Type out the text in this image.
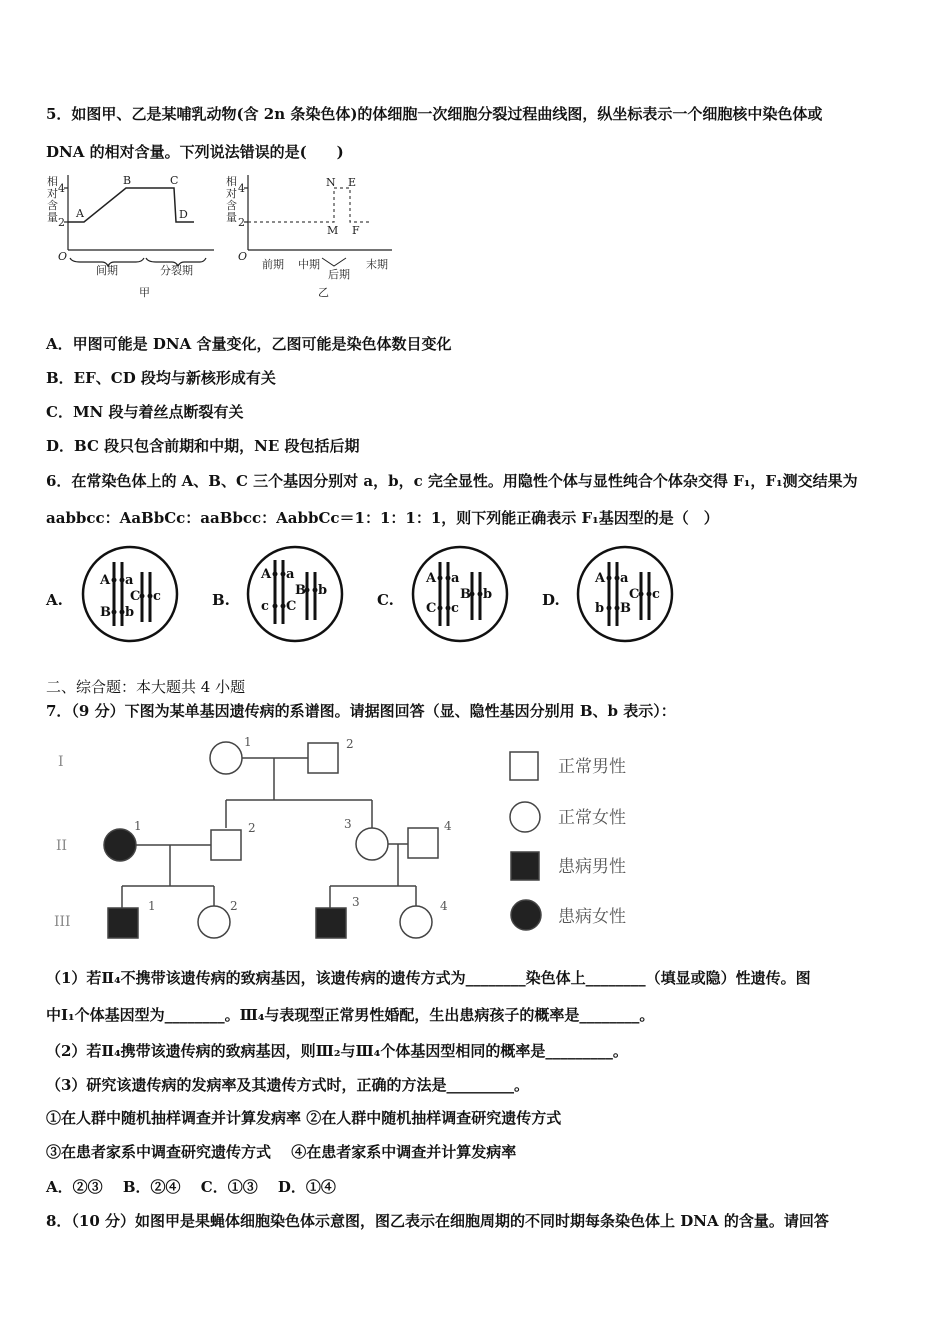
5．如图甲、乙是某哺乳动物(含 2n 条染色体)的体细胞一次细胞分裂过程曲线图，纵坐标表示一个细胞核中染色体或
DNA 的相对含量。下列说法错误的是(　　)
相
对
含
量
4
2
O
A
B	C
D
间期	分裂期
甲
相
对
含
量
4
2
O
N E
M F
前期 中期
后期
末期
乙
A．甲图可能是 DNA 含量变化，乙图可能是染色体数目变化
B．EF、CD 段均与新核形成有关
C．MN 段与着丝点断裂有关
D．BC 段只包含前期和中期，NE 段包括后期
6．在常染色体上的 A、B、C 三个基因分别对 a，b，c 完全显性。用隐性个体与显性纯合个体杂交得 F₁，F₁测交结果为
aabbcc：AaBbCc：aaBbcc：AabbCc＝1：1：1：1，则下列能正确表示 F₁基因型的是（　）
A.	B.	C.	D.
A a
B b
C c
A a
c C
B b
A a
C c
B b
A a
b B
C c
二、综合题：本大题共 4 小题
7．（9 分）下图为某单基因遗传病的系谱图。请据图回答（显、隐性基因分别用 B、b 表示）：
I
II
III
1	2
1	2	3	4
1	2	3	4
正常男性
正常女性
患病男性
患病女性
（1）若Ⅱ₄不携带该遗传病的致病基因，该遗传病的遗传方式为________染色体上________（填显或隐）性遗传。图
中Ⅰ₁个体基因型为________。Ⅲ₄与表现型正常男性婚配，生出患病孩子的概率是________。
（2）若Ⅱ₄携带该遗传病的致病基因，则Ⅲ₂与Ⅲ₄个体基因型相同的概率是_________。
（3）研究该遗传病的发病率及其遗传方式时，正确的方法是_________。
①在人群中随机抽样调查并计算发病率 ②在人群中随机抽样调查研究遗传方式
③在患者家系中调查研究遗传方式　 ④在患者家系中调查并计算发病率
A．②③　 B．②④　 C．①③　 D．①④
8．（10 分）如图甲是果蝇体细胞染色体示意图，图乙表示在细胞周期的不同时期每条染色体上 DNA 的含量。请回答
